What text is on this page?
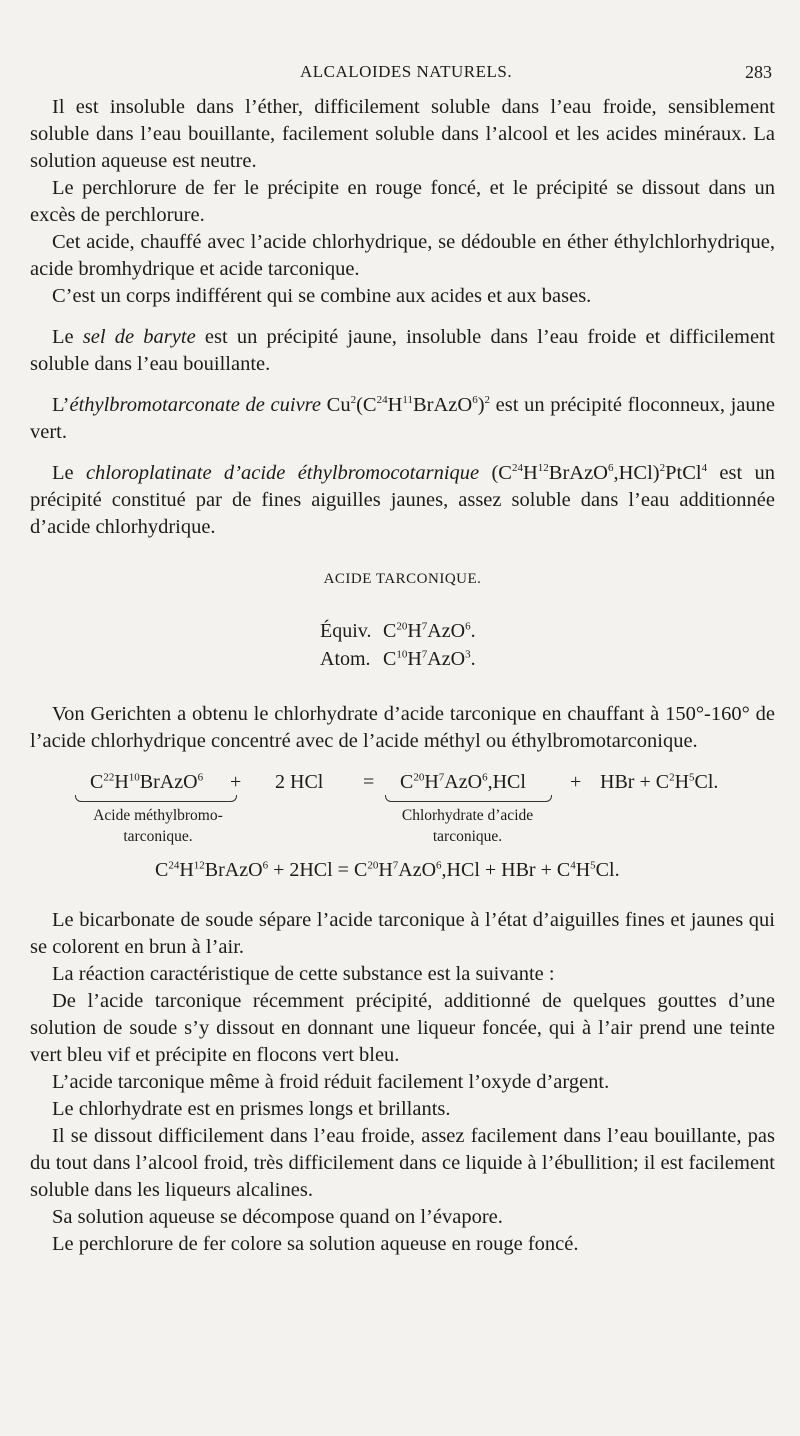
ALCALOIDES NATURELS.	283

Il est insoluble dans l’éther, difficilement soluble dans l’eau froide, sensiblement soluble dans l’eau bouillante, facilement soluble dans l’alcool et les acides minéraux. La solution aqueuse est neutre.

Le perchlorure de fer le précipite en rouge foncé, et le précipité se dissout dans un excès de perchlorure.

Cet acide, chauffé avec l’acide chlorhydrique, se dédouble en éther éthylchlorhydrique, acide bromhydrique et acide tarconique.

C’est un corps indifférent qui se combine aux acides et aux bases.

Le sel de baryte est un précipité jaune, insoluble dans l’eau froide et difficilement soluble dans l’eau bouillante.

L’éthylbromotarconate de cuivre $Cu^2(C^{24}H^{11}BrAzO^6)^2$ est un précipité floconneux, jaune vert.

Le chloroplatinate d’acide éthylbromocotarnique $(C^{24}H^{12}BrAzO^6,HCl)^2PtCl^4$ est un précipité constitué par de fines aiguilles jaunes, assez soluble dans l’eau additionnée d’acide chlorhydrique.

ACIDE TARCONIQUE.

Équiv. $C^{20}H^7AzO^6$.
Atom. $C^{10}H^7AzO^3$.

Von Gerichten a obtenu le chlorhydrate d’acide tarconique en chauffant à 150°-160° de l’acide chlorhydrique concentré avec de l’acide méthyl ou éthylbromotarconique.

$C^{22}H^{10}BrAzO^6 + 2$ HCl = $C^{20}H^7AzO^6,HCl$ + HBr + $C^2H^5Cl$.
Acide méthylbromo-
tarconique.
Chlorhydrate d’acide
tarconique.
$C^{24}H^{12}BrAzO^6 + 2HCl = C^{20}H^7AzO^6,HCl$ + HBr + $C^4H^5Cl$.

Le bicarbonate de soude sépare l’acide tarconique à l’état d’aiguilles fines et jaunes qui se colorent en brun à l’air.

La réaction caractéristique de cette substance est la suivante :

De l’acide tarconique récemment précipité, additionné de quelques gouttes d’une solution de soude s’y dissout en donnant une liqueur foncée, qui à l’air prend une teinte vert bleu vif et précipite en flocons vert bleu.

L’acide tarconique même à froid réduit facilement l’oxyde d’argent.

Le chlorhydrate est en prismes longs et brillants.

Il se dissout difficilement dans l’eau froide, assez facilement dans l’eau bouillante, pas du tout dans l’alcool froid, très difficilement dans ce liquide à l’ébullition; il est facilement soluble dans les liqueurs alcalines.

Sa solution aqueuse se décompose quand on l’évapore.

Le perchlorure de fer colore sa solution aqueuse en rouge foncé.
